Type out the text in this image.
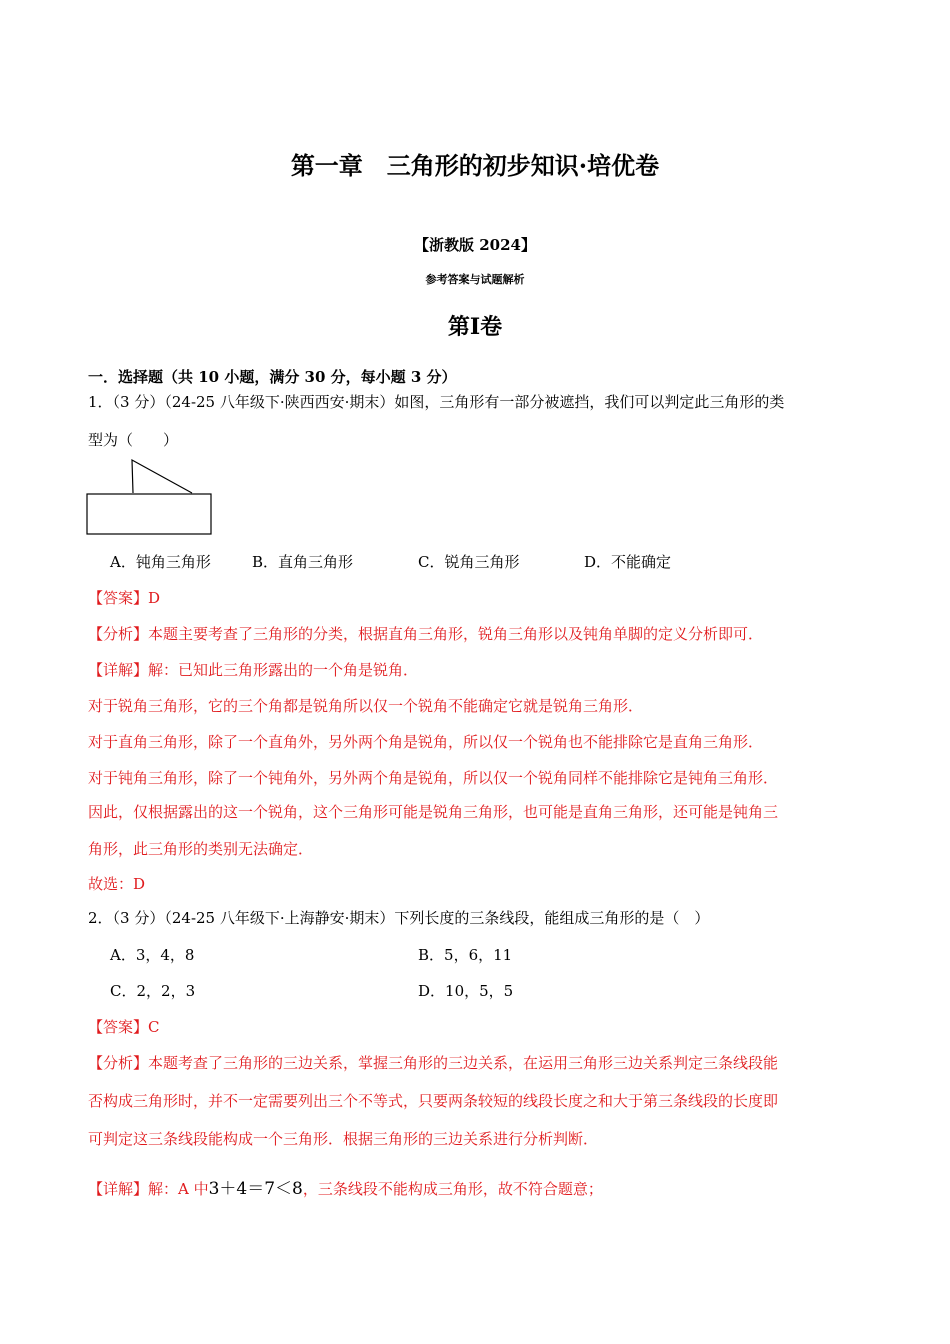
第一章　三角形的初步知识·培优卷
【浙教版 2024】
参考答案与试题解析
第Ⅰ卷
一．选择题（共 10 小题，满分 30 分，每小题 3 分）
1．（3 分）（24-25 八年级下·陕西西安·期末）如图，三角形有一部分被遮挡，我们可以判定此三角形的类
型为（　　）
A．钝角三角形	B．直角三角形	C．锐角三角形	D．不能确定
【答案】D
【分析】本题主要考查了三角形的分类，根据直角三角形，锐角三角形以及钝角单脚的定义分析即可．
【详解】解：已知此三角形露出的一个角是锐角．
对于锐角三角形，它的三个角都是锐角所以仅一个锐角不能确定它就是锐角三角形．
对于直角三角形，除了一个直角外，另外两个角是锐角，所以仅一个锐角也不能排除它是直角三角形．
对于钝角三角形，除了一个钝角外，另外两个角是锐角，所以仅一个锐角同样不能排除它是钝角三角形．
因此，仅根据露出的这一个锐角，这个三角形可能是锐角三角形，也可能是直角三角形，还可能是钝角三
角形，此三角形的类别无法确定．
故选：D
2．（3 分）（24-25 八年级下·上海静安·期末）下列长度的三条线段，能组成三角形的是（　）
A．3，4，8	B．5，6，11
C．2，2，3	D．10，5，5
【答案】C
【分析】本题考查了三角形的三边关系，掌握三角形的三边关系，在运用三角形三边关系判定三条线段能
否构成三角形时，并不一定需要列出三个不等式，只要两条较短的线段长度之和大于第三条线段的长度即
可判定这三条线段能构成一个三角形．根据三角形的三边关系进行分析判断．
【详解】解：A 中3＋4＝7＜8，三条线段不能构成三角形，故不符合题意；
